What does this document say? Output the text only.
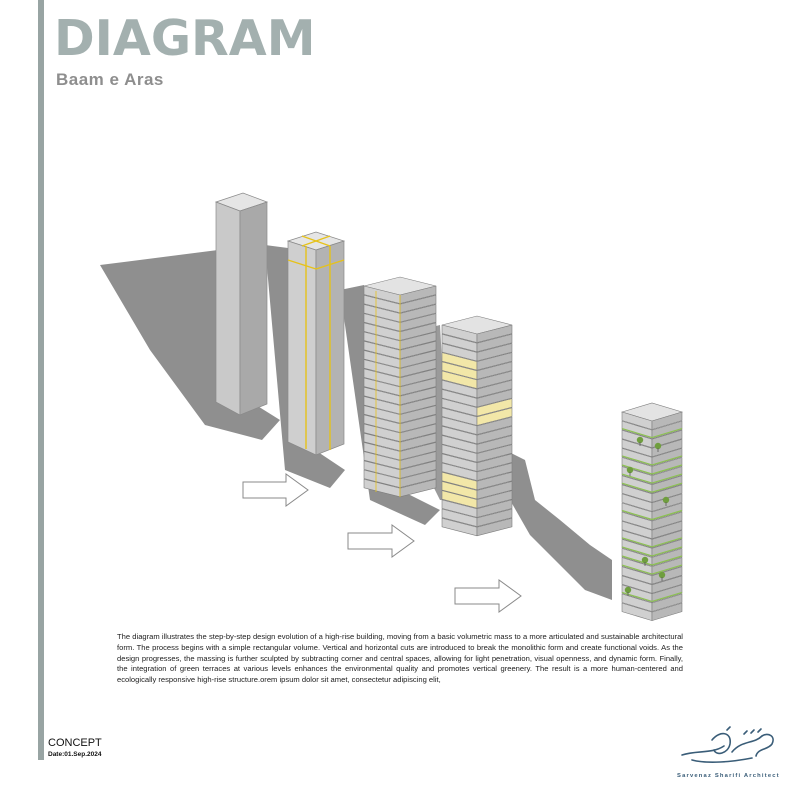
DIAGRAM
Baam e Aras

The diagram illustrates the step-by-step design evolution of a high-rise building, moving from a basic volumetric mass to a more articulated and sustainable architectural form. The process begins with a simple rectangular volume. Vertical and horizontal cuts are introduced to break the monolithic form and create functional voids. As the design progresses, the massing is further sculpted by subtracting corner and central spaces, allowing for light penetration, visual openness, and dynamic form. Finally, the integration of green terraces at various levels enhances the environmental quality and promotes vertical greenery. The result is a more human-centered and ecologically responsive high-rise structure.orem ipsum dolor sit amet, consectetur adipiscing elit,

CONCEPT

Date:01.Sep.2024

Sarvenaz Sharifi Architect
